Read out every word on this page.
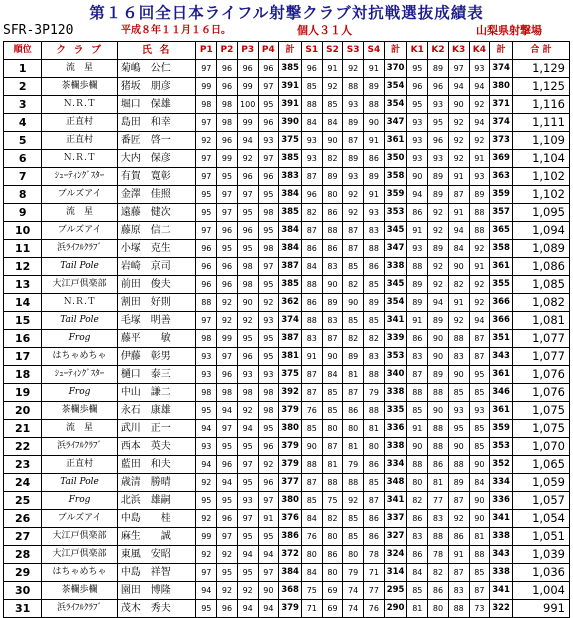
第１６回全日本ライフル射撃クラブ対抗戦選抜成績表
SFR-3P120	平成８年１１月１６日。	個人３１人	山梨県射撃場
順位	ク ラ ブ	氏 名	P1	P2	P3	P4	計	S1	S2	S3	S4	計	K1	K2	K3	K4	計	合 計
1	流　星	菊嶋　公仁	97	96	96	96	385	96	91	92	91	370	95	89	97	93	374	1,129
2	茶欄歩欄	猪坂　朋彦	99	96	99	97	391	85	92	88	89	354	96	96	94	94	380	1,125
3	Ｎ.Ｒ.Ｔ	堀口　保雄	98	98	100	95	391	88	85	93	88	354	95	93	90	92	371	1,116
4	正直村	島田　和幸	97	98	99	96	390	84	84	89	90	347	93	95	92	94	374	1,111
5	正直村	番匠　啓一	92	96	94	93	375	93	90	87	91	361	93	96	92	92	373	1,109
6	Ｎ.Ｒ.Ｔ	大内　保彦	97	99	92	97	385	93	82	89	86	350	93	93	92	91	369	1,104
7	ｼｭｰﾃｨﾝｸﾞｽﾀｰ	有賀　寛彰	97	95	96	96	383	87	89	93	89	358	90	89	91	93	363	1,102
8	ブルズアイ	金澤　佳照	95	97	97	95	384	96	80	92	91	359	94	89	87	89	359	1,102
9	流　星	遠藤　健次	95	97	95	98	385	82	86	92	93	353	86	92	91	88	357	1,095
10	ブルズアイ	藤原　信二	97	96	96	95	384	87	88	87	83	345	91	92	94	88	365	1,094
11	浜ﾗｲﾌﾙｸﾗﾌﾞ	小塚　克生	96	95	95	98	384	86	86	87	88	347	93	89	84	92	358	1,089
12	Tail Pole	岩崎　京司	96	96	98	97	387	84	83	85	86	338	88	92	90	91	361	1,086
13	大江戸倶楽部	前田　俊夫	96	96	98	95	385	88	90	82	85	345	89	92	82	92	355	1,085
14	Ｎ.Ｒ.Ｔ	割田　好則	88	92	90	92	362	86	89	90	89	354	89	94	91	92	366	1,082
15	Tail Pole	毛塚　明善	97	92	92	93	374	88	83	85	85	341	91	89	92	94	366	1,081
16	Frog	藤平　　敏	98	99	95	95	387	83	87	82	82	339	86	90	88	87	351	1,077
17	はちゃめちゃ	伊藤　彰男	93	97	96	95	381	91	90	89	83	353	83	90	83	87	343	1,077
18	ｼｭｰﾃｨﾝｸﾞｽﾀｰ	樋口　泰三	93	96	93	93	375	87	84	81	88	340	87	89	90	95	361	1,076
19	Frog	中山　謙二	98	98	98	98	392	87	85	87	79	338	88	88	85	85	346	1,076
20	茶欄歩欄	永石　康雄	95	94	92	98	379	76	85	86	88	335	85	90	93	93	361	1,075
21	流　星	武川　正一	94	97	94	95	380	85	80	80	81	336	91	88	95	85	359	1,075
22	浜ﾗｲﾌﾙｸﾗﾌﾞ	西本　英夫	93	95	95	96	379	90	87	81	80	338	90	88	90	85	353	1,070
23	正直村	藍田　和夫	94	96	97	92	379	88	81	79	86	334	88	86	88	90	352	1,065
24	Tail Pole	歳清　勝晴	92	94	95	96	377	87	88	88	85	348	80	81	89	84	334	1,059
25	Frog	北浜　雄嗣	95	95	93	97	380	85	75	92	87	341	82	77	87	90	336	1,057
26	ブルズアイ	中島　　桂	92	96	97	91	376	84	82	85	86	337	86	83	92	90	341	1,054
27	大江戸倶楽部	麻生　　誠	99	97	95	95	386	76	80	85	86	327	83	88	86	81	338	1,051
28	大江戸倶楽部	東風　安昭	92	92	94	94	372	80	86	80	78	324	86	78	91	88	343	1,039
29	はちゃめちゃ	中島　祥智	97	95	95	97	384	84	80	79	71	314	84	82	87	85	338	1,036
30	茶欄歩欄	園田　博隆	94	92	92	90	368	75	69	74	77	295	85	86	83	87	341	1,004
31	浜ﾗｲﾌﾙｸﾗﾌﾞ	茂木　秀夫	95	96	94	94	379	71	69	74	76	290	81	80	88	73	322	991
